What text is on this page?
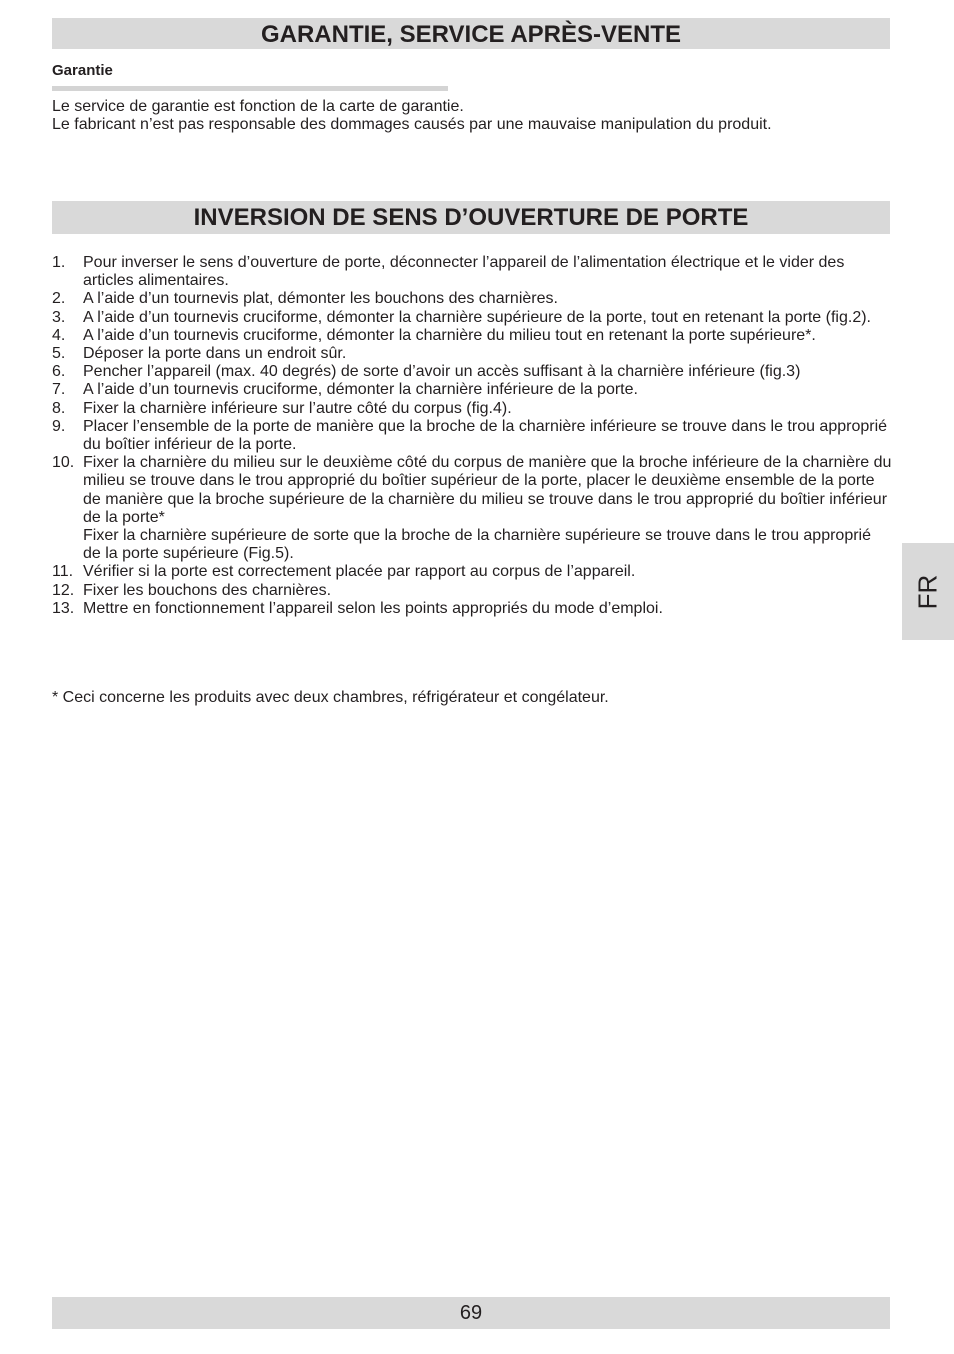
GARANTIE, SERVICE APRÈS-VENTE
Garantie

Le service de garantie est fonction de la carte de garantie.

Le fabricant n’est pas responsable des dommages causés par une mauvaise manipulation du produit.

INVERSION DE SENS D’OUVERTURE DE PORTE
1. Pour inverser le sens d’ouverture de porte, déconnecter l’appareil de l’alimentation électrique et le vider des articles alimentaires.
2. A l’aide d’un tournevis plat, démonter les bouchons des charnières.
3. A l’aide d’un tournevis cruciforme, démonter la charnière supérieure de la porte, tout en retenant la porte (fig.2).
4. A l’aide d’un tournevis cruciforme, démonter la charnière du milieu tout en retenant la porte supérieure*.
5. Déposer la porte dans un endroit sûr.
6. Pencher l’appareil (max. 40 degrés) de sorte d’avoir un accès suffisant à la charnière inférieure (fig.3)
7. A l’aide d’un tournevis cruciforme, démonter la charnière inférieure de la porte.
8. Fixer la charnière inférieure sur l’autre côté du corpus (fig.4).
9. Placer l’ensemble de la porte de manière que la broche de la charnière inférieure se trouve dans le trou approprié du boîtier inférieur de la porte.
10. Fixer la charnière du milieu sur le deuxième côté du corpus de manière que la broche inférieure de la charnière du milieu se trouve dans le trou approprié du boîtier supérieur de la porte, placer le deuxième ensemble de la porte de manière que la broche supérieure de la charnière du milieu se trouve dans le trou approprié du boîtier inférieur de la porte*
Fixer la charnière supérieure de sorte que la broche de la charnière supérieure se trouve dans le trou approprié de la porte supérieure (Fig.5).
11. Vérifier si la porte est correctement placée par rapport au corpus de l’appareil.
12. Fixer les bouchons des charnières.
13. Mettre en fonctionnement l’appareil selon les points appropriés du mode d’emploi.
* Ceci concerne les produits avec deux chambres, réfrigérateur et congélateur.
FR
69
